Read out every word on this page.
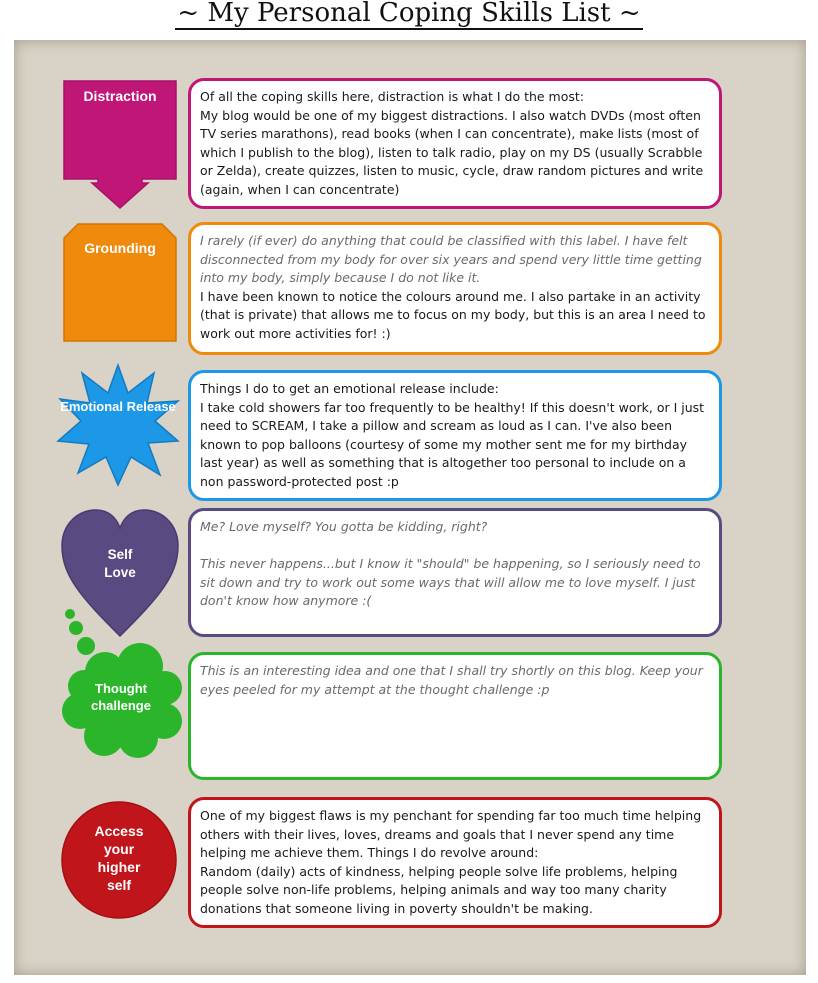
~ My Personal Coping Skills List ~
Distraction	Of all the coping skills here, distraction is what I do the most:

My blog would be one of my biggest distractions. I also watch DVDs (most often TV series marathons), read books (when I can concentrate), make lists (most of which I publish to the blog), listen to talk radio, play on my DS (usually Scrabble or Zelda), create quizzes, listen to music, cycle, draw random pictures and write (again, when I can concentrate)

Grounding	I rarely (if ever) do anything that could be classified with this label. I have felt disconnected from my body for over six years and spend very little time getting into my body, simply because I do not like it.

I have been known to notice the colours around me. I also partake in an activity (that is private) that allows me to focus on my body, but this is an area I need to work out more activities for! :)

Emotional Release

Things I do to get an emotional release include:

I take cold showers far too frequently to be healthy! If this doesn't work, or I just need to SCREAM, I take a pillow and scream as loud as I can. I've also been known to pop balloons (courtesy of some my mother sent me for my birthday last year) as well as something that is altogether too personal to include on a non password-protected post :p

Self Love

Me? Love myself? You gotta be kidding, right?

This never happens...but I know it "should" be happening, so I seriously need to sit down and try to work out some ways that will allow me to love myself. I just don't know how anymore :(

Thought challenge

This is an interesting idea and one that I shall try shortly on this blog. Keep your eyes peeled for my attempt at the thought challenge :p

Access your higher self

One of my biggest flaws is my penchant for spending far too much time helping others with their lives, loves, dreams and goals that I never spend any time helping me achieve them. Things I do revolve around:

Random (daily) acts of kindness, helping people solve life problems, helping people solve non-life problems, helping animals and way too many charity donations that someone living in poverty shouldn't be making.
